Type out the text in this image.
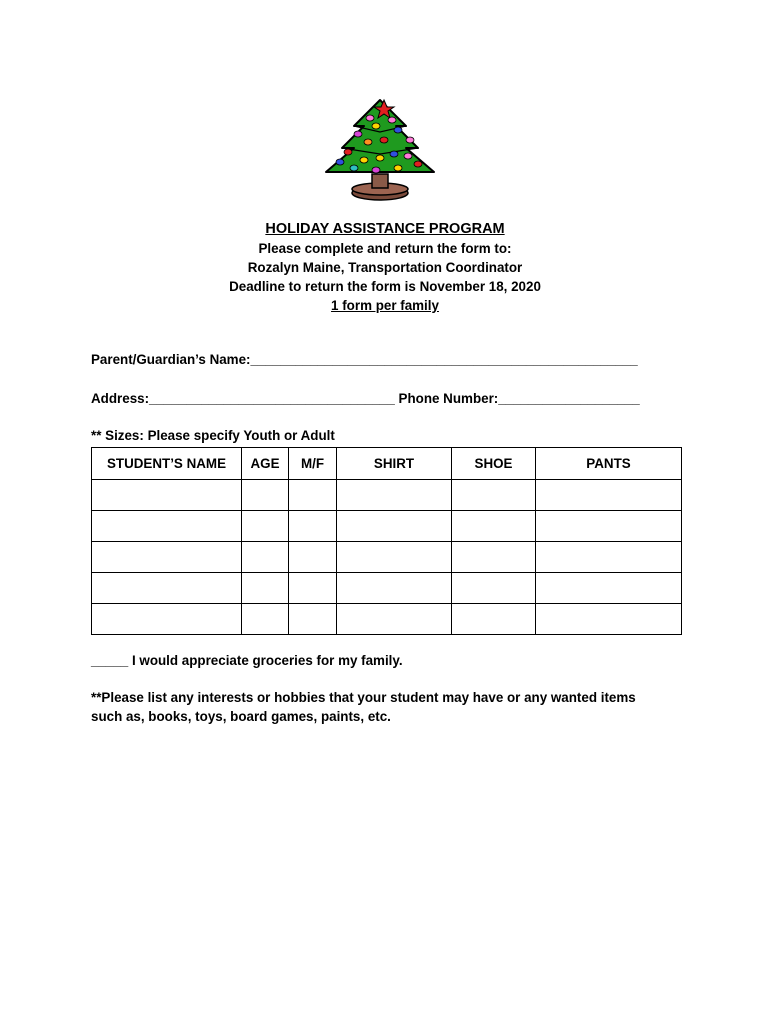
HOLIDAY ASSISTANCE PROGRAM
Please complete and return the form to:
Rozalyn Maine, Transportation Coordinator
Deadline to return the form is November 18, 2020
1 form per family
Parent/Guardian’s Name:____________________________________________________
Address:_________________________________ Phone Number:___________________
** Sizes: Please specify Youth or Adult
STUDENT’S NAME	AGE	M/F	SHIRT	SHOE	PANTS

_____ I would appreciate groceries for my family.
**Please list any interests or hobbies that your student may have or any wanted items
such as, books, toys, board games, paints, etc.
